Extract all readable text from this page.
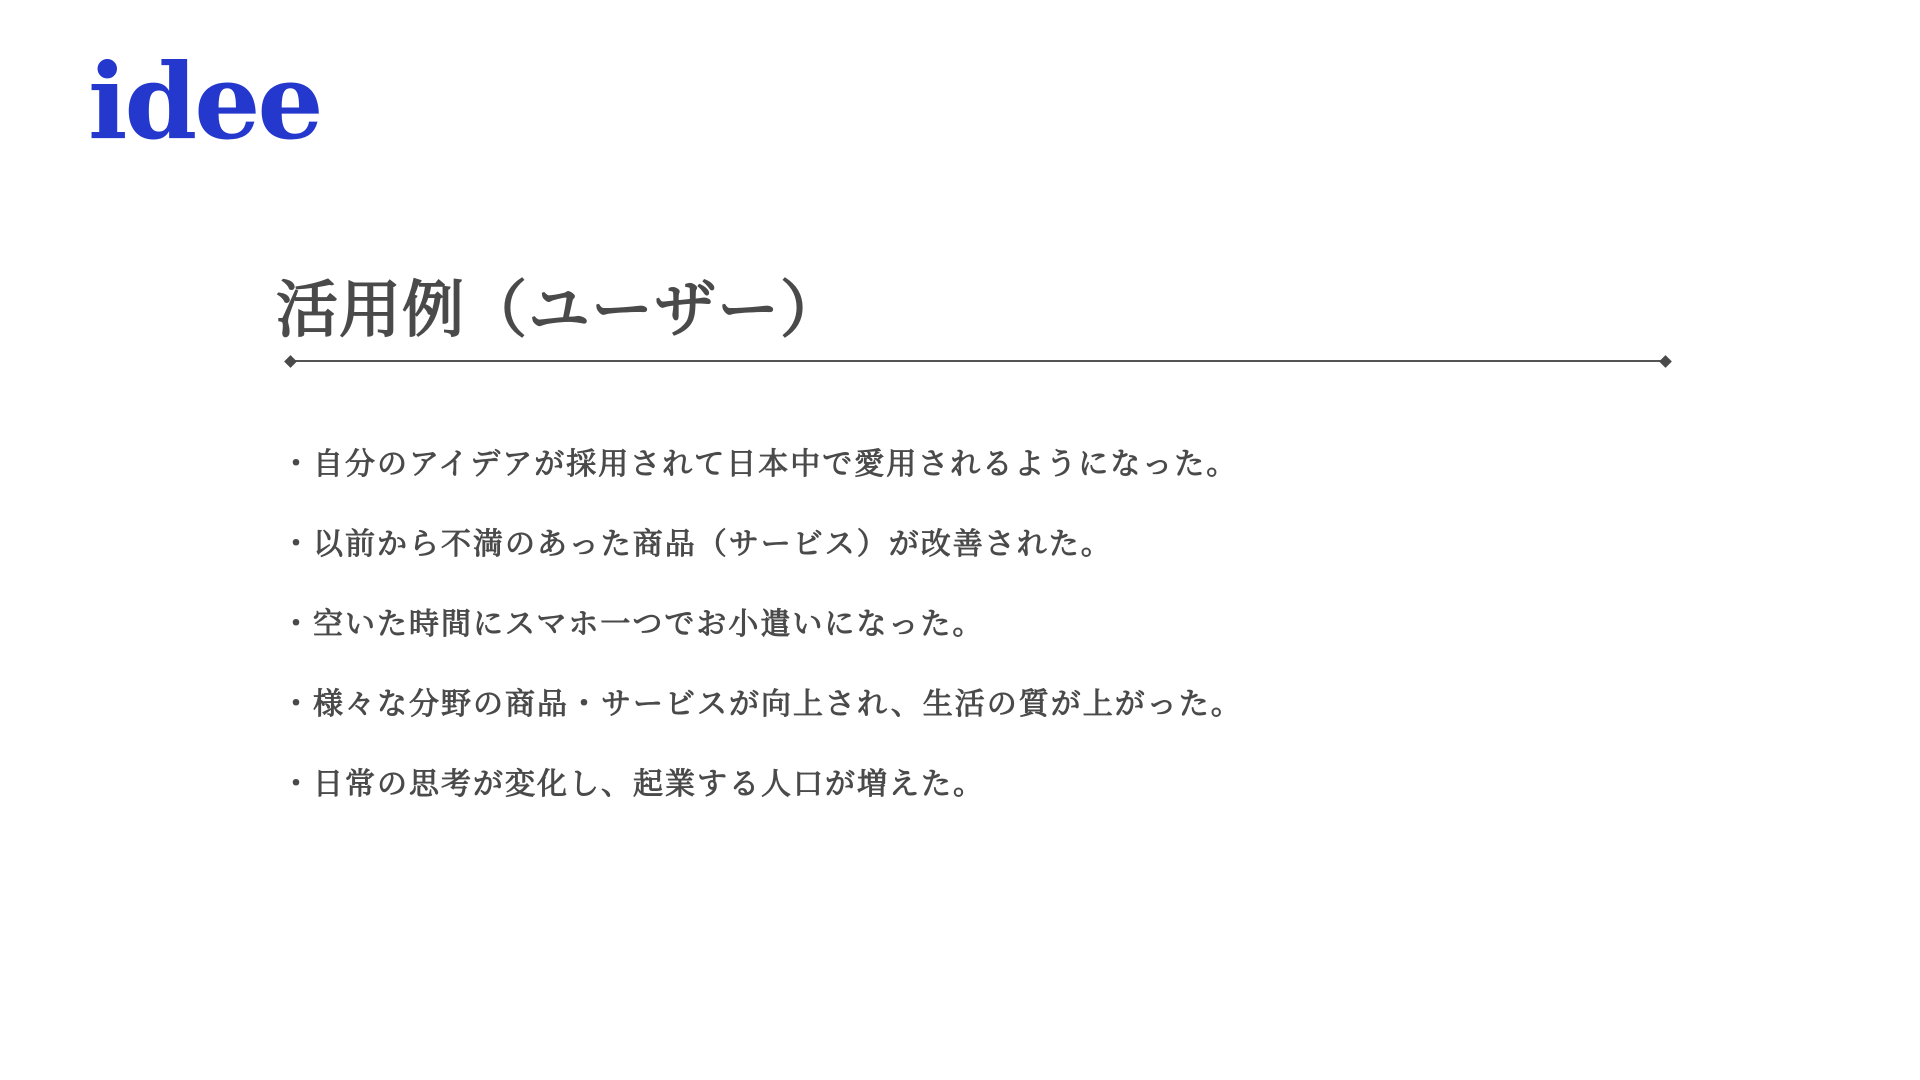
idee
活用例（ユーザー）
・自分のアイデアが採用されて日本中で愛用されるようになった。
・以前から不満のあった商品（サービス）が改善された。
・空いた時間にスマホ一つでお小遣いになった。
・様々な分野の商品・サービスが向上され、生活の質が上がった。
・日常の思考が変化し、起業する人口が増えた。
